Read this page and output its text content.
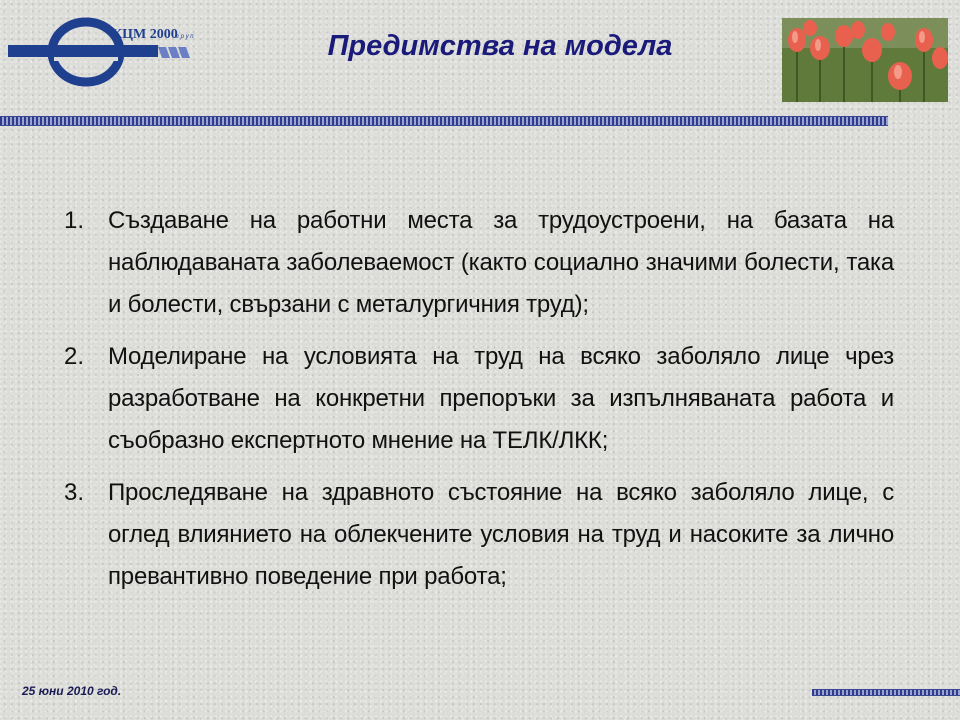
КЦМ 2000
г р у п	Предимства на модела
1. Създаване на работни места за трудоустроени, на базата на наблюдаваната заболеваемост (както социално значими болести, така и болести, свързани с металургичния труд);
2. Моделиране на условията на труд на всяко заболяло лице чрез разработване на конкретни препоръки за изпълняваната работа и съобразно експертното мнение на ТЕЛК/ЛКК;
3. Проследяване на здравното състояние на всяко заболяло лице, с оглед влиянието на облекчените условия на труд и насоките за лично превантивно поведение при работа;
25 юни 2010 год.
